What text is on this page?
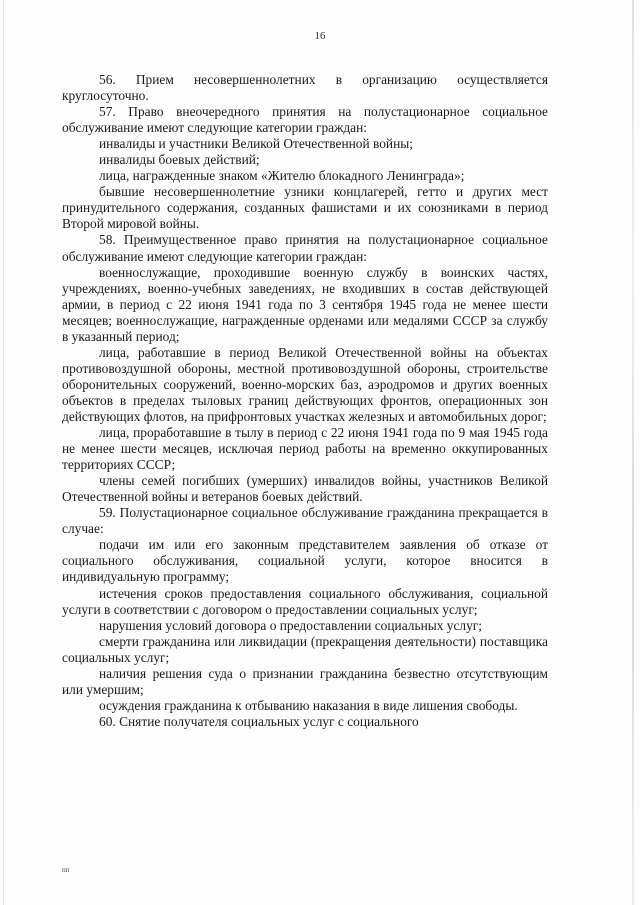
16

56. Прием несовершеннолетних в организацию осуществляется круглосуточно.

57. Право внеочередного принятия на полустационарное социальное обслуживание имеют следующие категории граждан:

инвалиды и участники Великой Отечественной войны;

инвалиды боевых действий;

лица, награжденные знаком «Жителю блокадного Ленинграда»;

бывшие несовершеннолетние узники концлагерей, гетто и других мест принудительного содержания, созданных фашистами и их союзниками в период Второй мировой войны.

58. Преимущественное право принятия на полустационарное социальное обслуживание имеют следующие категории граждан:

военнослужащие, проходившие военную службу в воинских частях, учреждениях, военно-учебных заведениях, не входивших в состав действующей армии, в период с 22 июня 1941 года по 3 сентября 1945 года не менее шести месяцев; военнослужащие, награжденные орденами или медалями СССР за службу в указанный период;

лица, работавшие в период Великой Отечественной войны на объектах противовоздушной обороны, местной противовоздушной обороны, строительстве оборонительных сооружений, военно-морских баз, аэродромов и других военных объектов в пределах тыловых границ действующих фронтов, операционных зон действующих флотов, на прифронтовых участках железных и автомобильных дорог;

лица, проработавшие в тылу в период с 22 июня 1941 года по 9 мая 1945 года не менее шести месяцев, исключая период работы на временно оккупированных территориях СССР;

члены семей погибших (умерших) инвалидов войны, участников Великой Отечественной войны и ветеранов боевых действий.

59. Полустационарное социальное обслуживание гражданина прекращается в случае:

подачи им или его законным представителем заявления об отказе от социального обслуживания, социальной услуги, которое вносится в индивидуальную программу;

истечения сроков предоставления социального обслуживания, социальной услуги в соответствии с договором о предоставлении социальных услуг;

нарушения условий договора о предоставлении социальных услуг;

смерти гражданина или ликвидации (прекращения деятельности) поставщика социальных услуг;

наличия решения суда о признании гражданина безвестно отсутствующим или умершим;

осуждения гражданина к отбыванию наказания в виде лишения свободы.

60. Снятие получателя социальных услуг с социального

пп
